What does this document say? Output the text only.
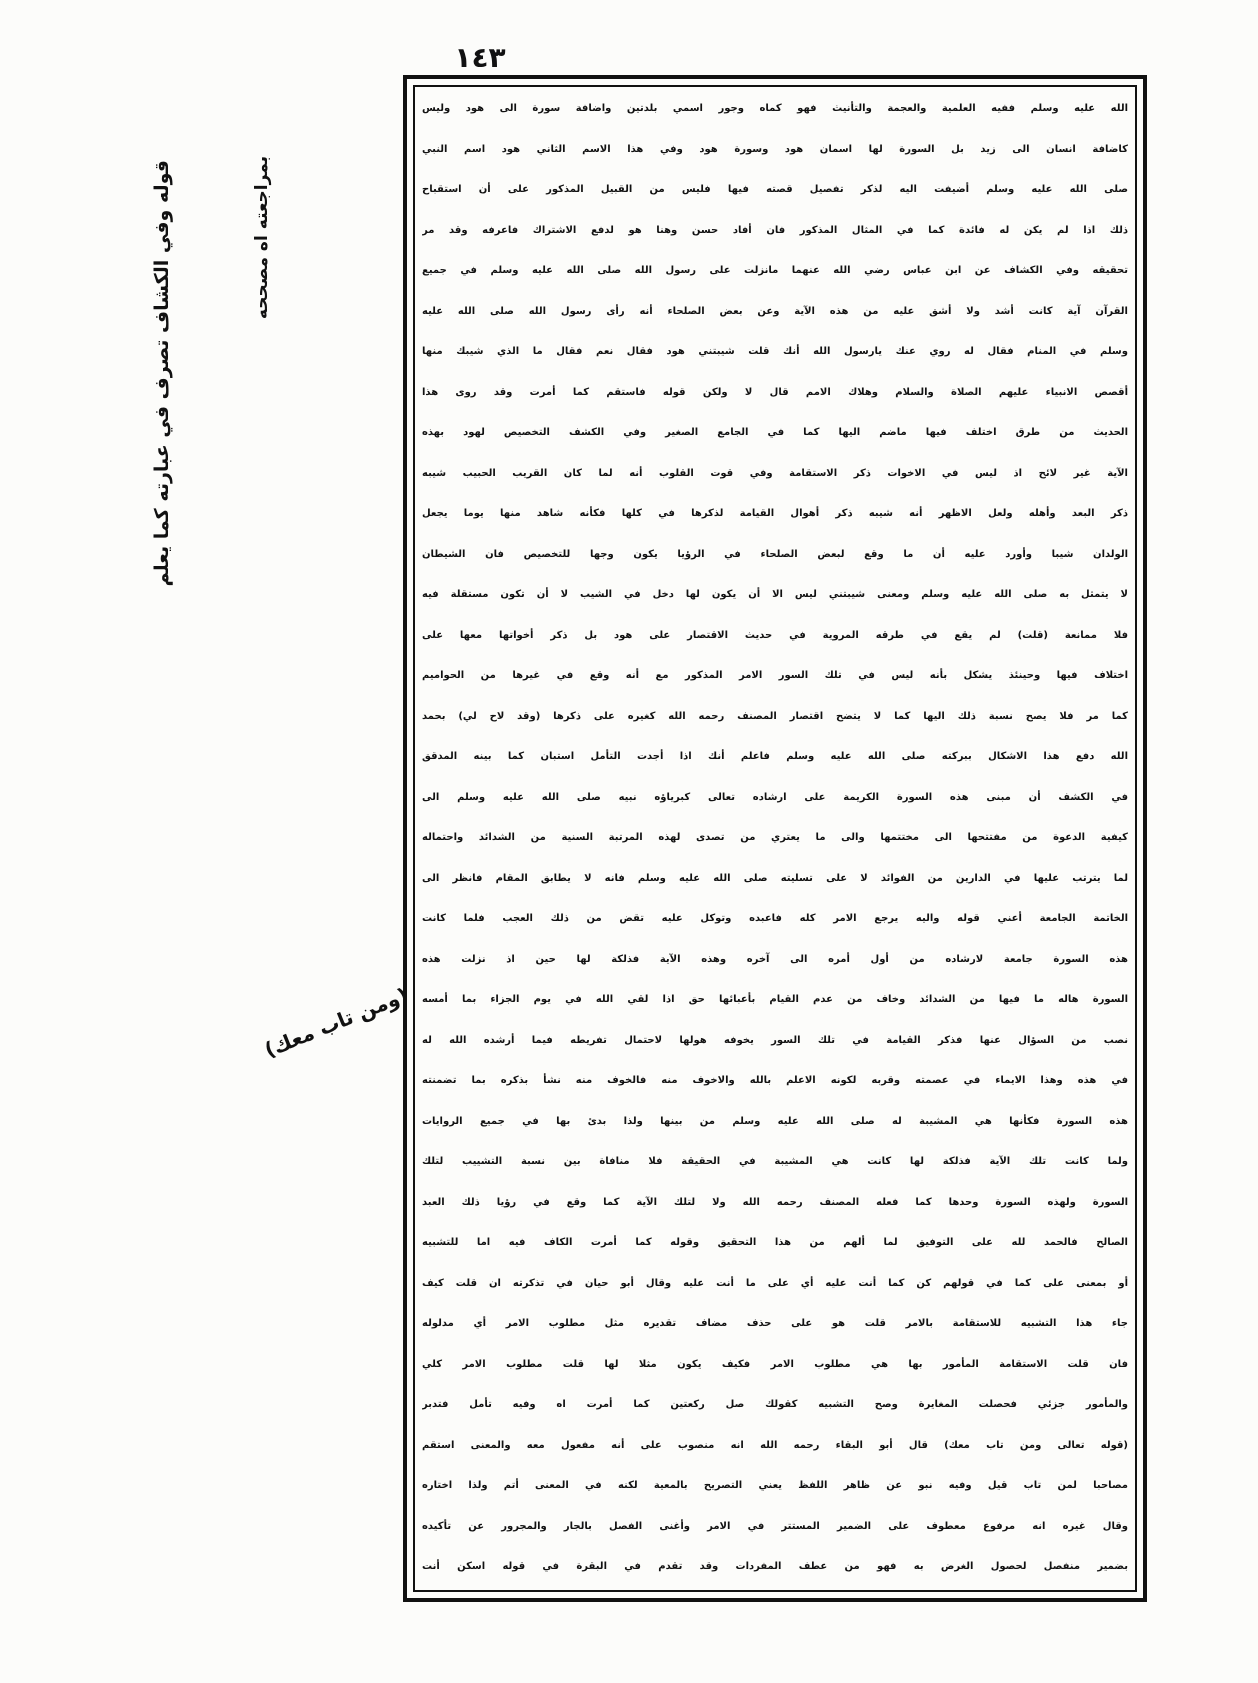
١٤٣
قوله وفي الكشاف تصرف في عبارته كما يعلم	بمراجعته اه مصححه
(ومن تاب معك)
الله عليه وسلم ففيه العلمية والعجمة والتأنيث فهو كماه وجور اسمي بلدتين واضافة سورة الى هود وليس
كاضافة انسان الى زيد بل السورة لها اسمان هود وسورة هود وفي هذا الاسم الثاني هود اسم النبي
صلى الله عليه وسلم أضيفت اليه لذكر تفصيل قصته فيها فليس من القبيل المذكور على أن استقباح
ذلك اذا لم يكن له فائدة كما في المثال المذكور فان أفاد حسن وهنا هو لدفع الاشتراك فاعرفه وقد مر
تحقيقه وفي الكشاف عن ابن عباس رضي الله عنهما مانزلت على رسول الله صلى الله عليه وسلم في جميع
القرآن آية كانت أشد ولا أشق عليه من هذه الآية وعن بعض الصلحاء أنه رأى رسول الله صلى الله عليه
وسلم في المنام فقال له روي عنك يارسول الله أنك قلت شيبتني هود فقال نعم فقال ما الذي شيبك منها
أقصص الانبياء عليهم الصلاة والسلام وهلاك الامم قال لا ولكن قوله فاستقم كما أمرت وقد روى هذا
الحديث من طرق اختلف فيها ماضم اليها كما في الجامع الصغير وفي الكشف التخصيص لهود بهذه
الآية غير لائح اذ ليس في الاخوات ذكر الاستقامة وفي قوت القلوب أنه لما كان القريب الحبيب شيبه
ذكر البعد وأهله ولعل الاظهر أنه شيبه ذكر أهوال القيامة لذكرها في كلها فكأنه شاهد منها يوما يجعل
الولدان شيبا وأورد عليه أن ما وقع لبعض الصلحاء في الرؤيا يكون وجها للتخصيص فان الشيطان
لا يتمثل به صلى الله عليه وسلم ومعنى شيبتني ليس الا أن يكون لها دخل في الشيب لا أن تكون مستقلة فيه
فلا ممانعة (قلت) لم يقع في طرقه المروية في حديث الاقتصار على هود بل ذكر أخواتها معها على
اختلاف فيها وحينئذ يشكل بأنه ليس في تلك السور الامر المذكور مع أنه وقع في غيرها من الحواميم
كما مر فلا يصح نسبة ذلك اليها كما لا يتضح اقتصار المصنف رحمه الله كغيره على ذكرها (وقد لاح لي) بحمد
الله دفع هذا الاشكال ببركته صلى الله عليه وسلم فاعلم أنك اذا أجدت التأمل استبان كما بينه المدقق
في الكشف أن مبنى هذه السورة الكريمة على ارشاده تعالى كبرياؤه نبيه صلى الله عليه وسلم الى
كيفية الدعوة من مفتتحها الى مختتمها والى ما يعتري من تصدى لهذه المرتبة السنية من الشدائد واحتماله
لما يترتب عليها في الدارين من الفوائد لا على تسليته صلى الله عليه وسلم فانه لا يطابق المقام فانظر الى
الخاتمة الجامعة أعني قوله واليه يرجع الامر كله فاعبده وتوكل عليه تقض من ذلك العجب فلما كانت
هذه السورة جامعة لارشاده من أول أمره الى آخره وهذه الآية فذلكة لها حين اذ نزلت هذه
السورة هاله ما فيها من الشدائد وخاف من عدم القيام بأعبائها حق اذا لقي الله في يوم الجزاء بما أمسه
نصب من السؤال عنها فذكر القيامة في تلك السور يخوفه هولها لاحتمال تفريطه فيما أرشده الله له
في هذه وهذا الايماء في عصمته وقربه لكونه الاعلم بالله والاخوف منه فالخوف منه نشأ بذكره بما تضمنته
هذه السورة فكأنها هي المشيبة له صلى الله عليه وسلم من بينها ولذا بدئ بها في جميع الروايات
ولما كانت تلك الآية فذلكة لها كانت هي المشيبة في الحقيقة فلا منافاة بين نسبة التشييب لتلك
السورة ولهذه السورة وحدها كما فعله المصنف رحمه الله ولا لتلك الآية كما وقع في رؤيا ذلك العبد
الصالح فالحمد لله على التوفيق لما ألهم من هذا التحقيق وقوله كما أمرت الكاف فيه اما للتشبيه
أو بمعنى على كما في قولهم كن كما أنت عليه أي على ما أنت عليه وقال أبو حيان في تذكرته ان قلت كيف
جاء هذا التشبيه للاستقامة بالامر قلت هو على حذف مضاف تقديره مثل مطلوب الامر أي مدلوله
فان قلت الاستقامة المأمور بها هي مطلوب الامر فكيف يكون مثلا لها قلت مطلوب الامر كلي
والمأمور جزئي فحصلت المغايرة وصح التشبيه كقولك صل ركعتين كما أمرت اه وفيه تأمل فتدبر
(قوله تعالى ومن تاب معك) قال أبو البقاء رحمه الله انه منصوب على أنه مفعول معه والمعنى استقم
مصاحبا لمن تاب قيل وفيه نبو عن ظاهر اللفظ يعني التصريح بالمعية لكنه في المعنى أتم ولذا اختاره
وقال غيره انه مرفوع معطوف على الضمير المستتر في الامر وأغنى الفصل بالجار والمجرور عن تأكيده
بضمير منفصل لحصول الغرض به فهو من عطف المفردات وقد تقدم في البقرة في قوله اسكن أنت
